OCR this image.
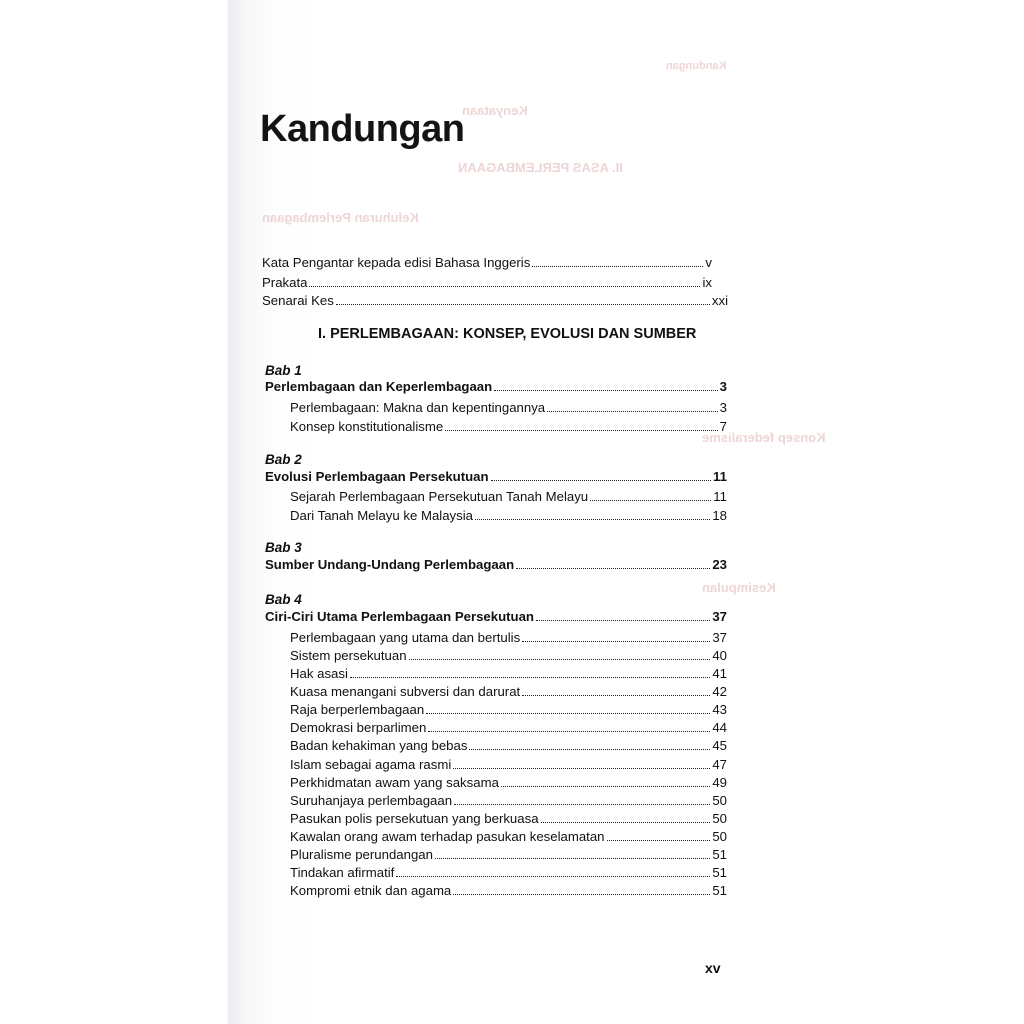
Kandungan
Kenyataan
II. ASAS PERLEMBAGAAN
Keluhuran Perlembagaan
Konsep federalisme
Kesimpulan
Kandungan
Kata Pengantar kepada edisi Bahasa Inggeris	v
Prakata	ix
Senarai Kes	xxi
I. PERLEMBAGAAN: KONSEP, EVOLUSI DAN SUMBER
Bab 1
Perlembagaan dan Keperlembagaan	3
Perlembagaan: Makna dan kepentingannya	3
Konsep konstitutionalisme	7
Bab 2
Evolusi Perlembagaan Persekutuan	11
Sejarah Perlembagaan Persekutuan Tanah Melayu	11
Dari Tanah Melayu ke Malaysia	18
Bab 3
Sumber Undang-Undang Perlembagaan	23
Bab 4
Ciri-Ciri Utama Perlembagaan Persekutuan	37
Perlembagaan yang utama dan bertulis	37
Sistem persekutuan	40
Hak asasi	41
Kuasa menangani subversi dan darurat	42
Raja berperlembagaan	43
Demokrasi berparlimen	44
Badan kehakiman yang bebas	45
Islam sebagai agama rasmi	47
Perkhidmatan awam yang saksama	49
Suruhanjaya perlembagaan	50
Pasukan polis persekutuan yang berkuasa	50
Kawalan orang awam terhadap pasukan keselamatan	50
Pluralisme perundangan	51
Tindakan afirmatif	51
Kompromi etnik dan agama	51
xv
